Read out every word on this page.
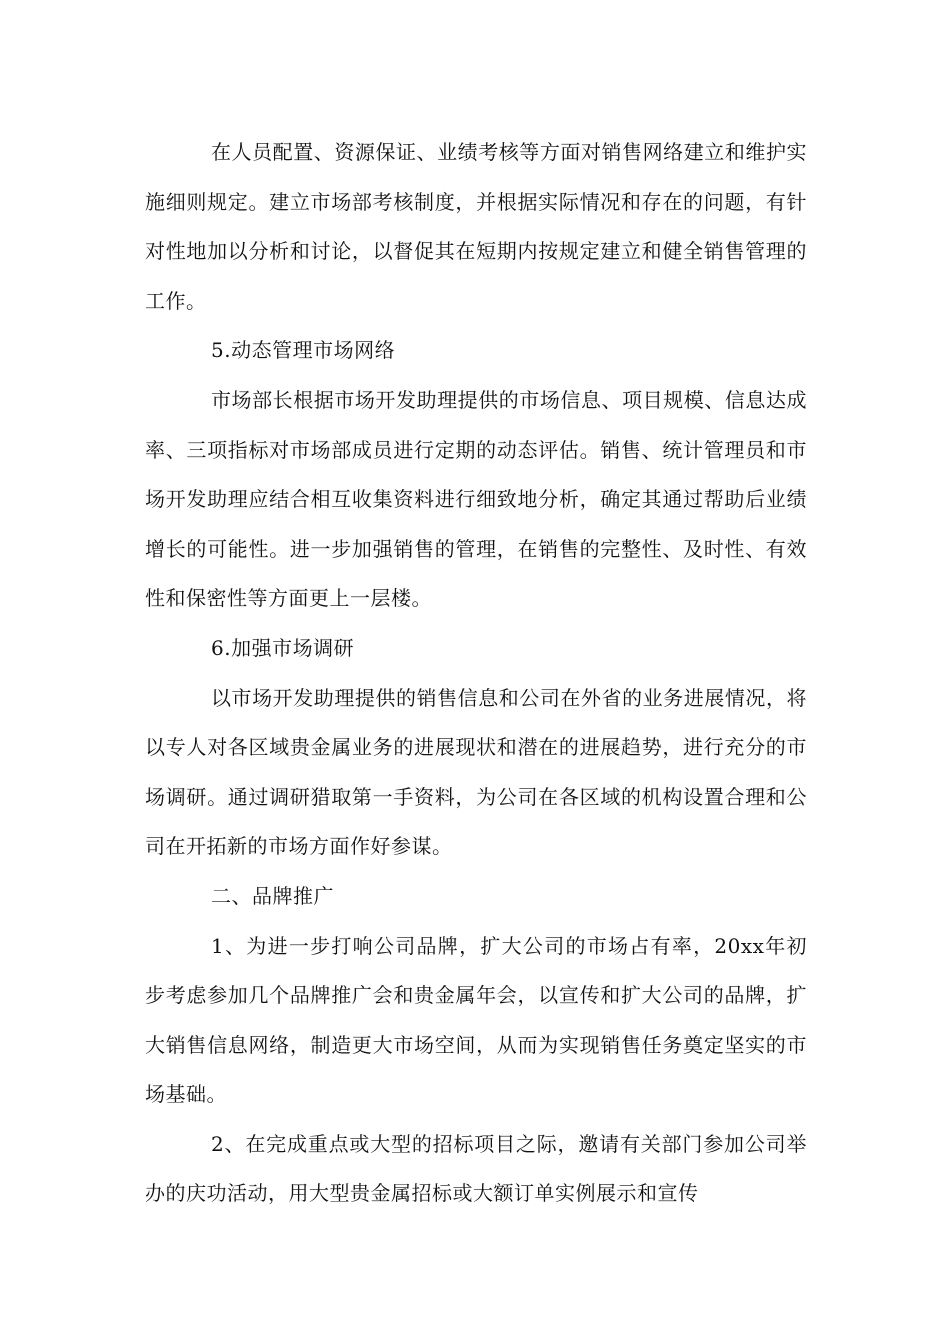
在人员配置、资源保证、业绩考核等方面对销售网络建立和维护实施细则规定。建立市场部考核制度，并根据实际情况和存在的问题，有针对性地加以分析和讨论，以督促其在短期内按规定建立和健全销售管理的工作。

5.动态管理市场网络

市场部长根据市场开发助理提供的市场信息、项目规模、信息达成率、三项指标对市场部成员进行定期的动态评估。销售、统计管理员和市场开发助理应结合相互收集资料进行细致地分析，确定其通过帮助后业绩增长的可能性。进一步加强销售的管理，在销售的完整性、及时性、有效性和保密性等方面更上一层楼。

6.加强市场调研

以市场开发助理提供的销售信息和公司在外省的业务进展情况，将以专人对各区域贵金属业务的进展现状和潜在的进展趋势，进行充分的市场调研。通过调研猎取第一手资料，为公司在各区域的机构设置合理和公司在开拓新的市场方面作好参谋。

二、品牌推广

1、为进一步打响公司品牌，扩大公司的市场占有率，20xx年初步考虑参加几个品牌推广会和贵金属年会，以宣传和扩大公司的品牌，扩大销售信息网络，制造更大市场空间，从而为实现销售任务奠定坚实的市场基础。

2、在完成重点或大型的招标项目之际，邀请有关部门参加公司举办的庆功活动，用大型贵金属招标或大额订单实例展示和宣传
